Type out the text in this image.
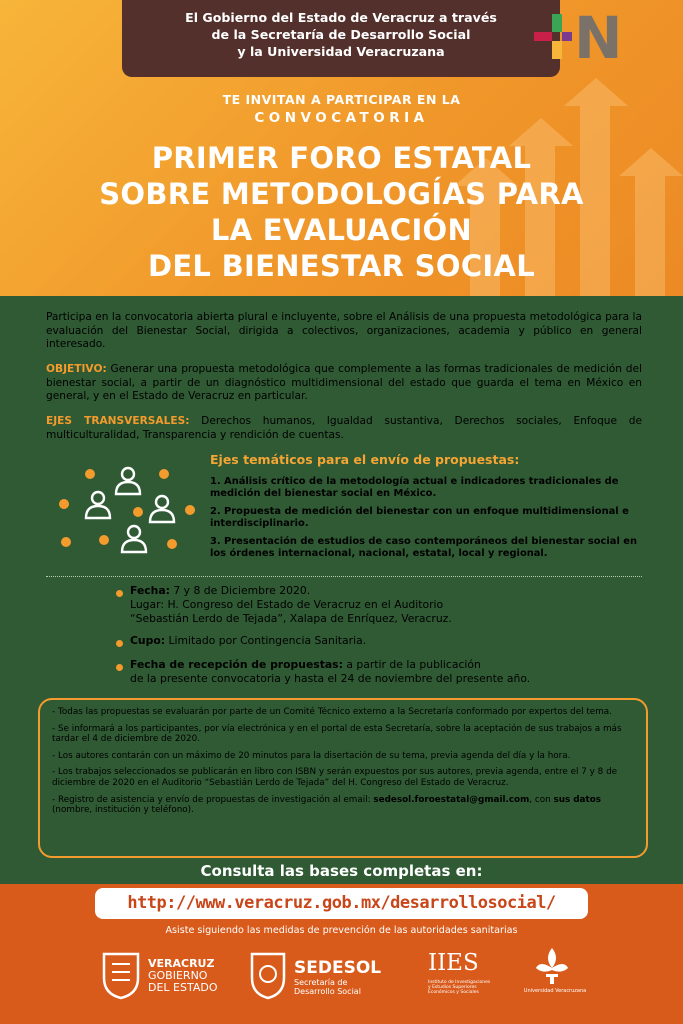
El Gobierno del Estado de Veracruz a través
de la Secretaría de Desarrollo Social
y la Universidad Veracruzana	N
TE INVITAN A PARTICIPAR EN LA
CONVOCATORIA
PRIMER FORO ESTATAL
SOBRE METODOLOGÍAS PARA
LA EVALUACIÓN
DEL BIENESTAR SOCIAL
Participa en la convocatoria abierta plural e incluyente, sobre el Análisis de una propuesta metodológica para la evaluación del Bienestar Social, dirigida a colectivos, organizaciones, academia y público en general interesado.
OBJETIVO: Generar una propuesta metodológica que complemente a las formas tradicionales de medición del bienestar social, a partir de un diagnóstico multidimensional del estado que guarda el tema en México en general, y en el Estado de Veracruz en particular.
EJES TRANSVERSALES: Derechos humanos, Igualdad sustantiva, Derechos sociales, Enfoque de multiculturalidad, Transparencia y rendición de cuentas.
Ejes temáticos para el envío de propuestas:
1. Análisis crítico de la metodología actual e indicadores tradicionales de medición del bienestar social en México.
2. Propuesta de medición del bienestar con un enfoque multidimensional e interdisciplinario.
3. Presentación de estudios de caso contemporáneos del bienestar social en los órdenes internacional, nacional, estatal, local y regional.
Fecha: 7 y 8 de Diciembre 2020.
Lugar: H. Congreso del Estado de Veracruz en el Auditorio
“Sebastián Lerdo de Tejada”, Xalapa de Enríquez, Veracruz.
Cupo: Limitado por Contingencia Sanitaria.
Fecha de recepción de propuestas: a partir de la publicación
de la presente convocatoria y hasta el 24 de noviembre del presente año.
- Todas las propuestas se evaluarán por parte de un Comité Técnico externo a la Secretaría conformado por expertos del tema.
- Se informará a los participantes, por vía electrónica y en el portal de esta Secretaría, sobre la aceptación de sus trabajos a más tardar el 4 de diciembre de 2020.
- Los autores contarán con un máximo de 20 minutos para la disertación de su tema, previa agenda del día y la hora.
- Los trabajos seleccionados se publicarán en libro con ISBN y serán expuestos por sus autores, previa agenda, entre el 7 y 8 de diciembre de 2020 en el Auditorio “Sebastián Lerdo de Tejada” del H. Congreso del Estado de Veracruz.
- Registro de asistencia y envío de propuestas de investigación al email: sedesol.foroestatal@gmail.com, con sus datos (nombre, institución y teléfono).
Consulta las bases completas en:
http://www.veracruz.gob.mx/desarrollosocial/
Asiste siguiendo las medidas de prevención de las autoridades sanitarias
VERACRUZ
GOBIERNO
DEL ESTADO
SEDESOL
Secretaría de
Desarrollo Social
IIES
Instituto de Investigaciones
y Estudios Superiores
Económicos y Sociales	Universidad Veracruzana
